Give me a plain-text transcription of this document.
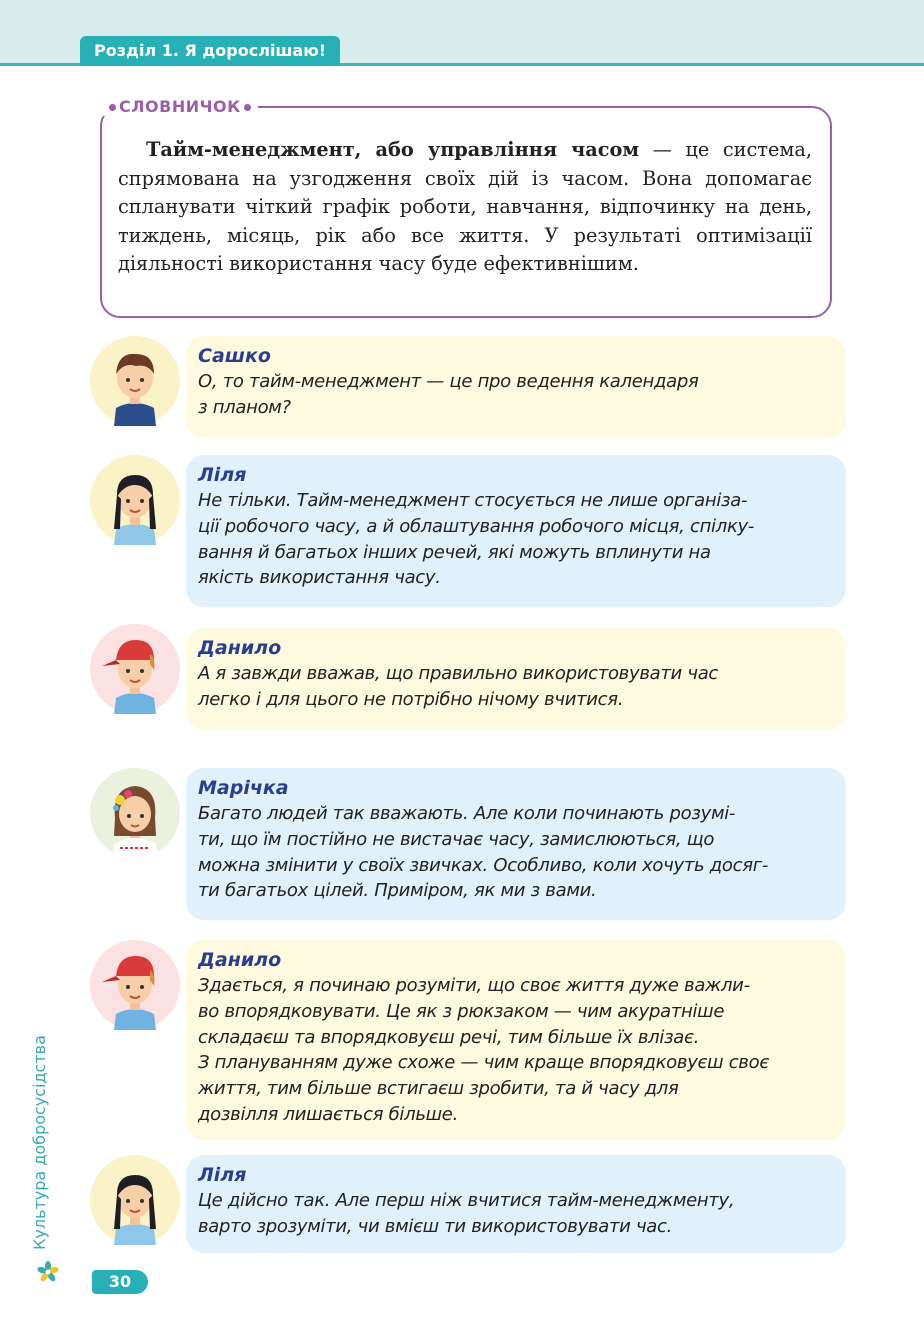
Розділ 1. Я дорослішаю!
СЛОВНИЧОК

Тайм-менеджмент, або управління часом — це система, спрямована на узгодження своїх дій із часом. Вона допомагає спланувати чіткий графік роботи, навчання, відпочинку на день, тиждень, місяць, рік або все життя. У результаті оптимізації діяльності використання часу буде ефективнішим.

Сашко
О, то тайм-менеджмент — це про ведення календаря
з планом?
Ліля
Не тільки. Тайм-менеджмент стосується не лише організа-
ції робочого часу, а й облаштування робочого місця, спілку-
вання й багатьох інших речей, які можуть вплинути на
якість використання часу.
Данило
А я завжди вважав, що правильно використовувати час
легко і для цього не потрібно нічому вчитися.
Марічка
Багато людей так вважають. Але коли починають розумі-
ти, що їм постійно не вистачає часу, замислюються, що
можна змінити у своїх звичках. Особливо, коли хочуть досяг-
ти багатьох цілей. Приміром, як ми з вами.
Данило
Здається, я починаю розуміти, що своє життя дуже важли-
во впорядковувати. Це як з рюкзаком — чим акуратніше
складаєш та впорядковуєш речі, тим більше їх влізає.
З плануванням дуже схоже — чим краще впорядковуєш своє
життя, тим більше встигаєш зробити, та й часу для
дозвілля лишається більше.
Ліля
Це дійсно так. Але перш ніж вчитися тайм-менеджменту,
варто зрозуміти, чи вмієш ти використовувати час.
Культура добросусідства
30
